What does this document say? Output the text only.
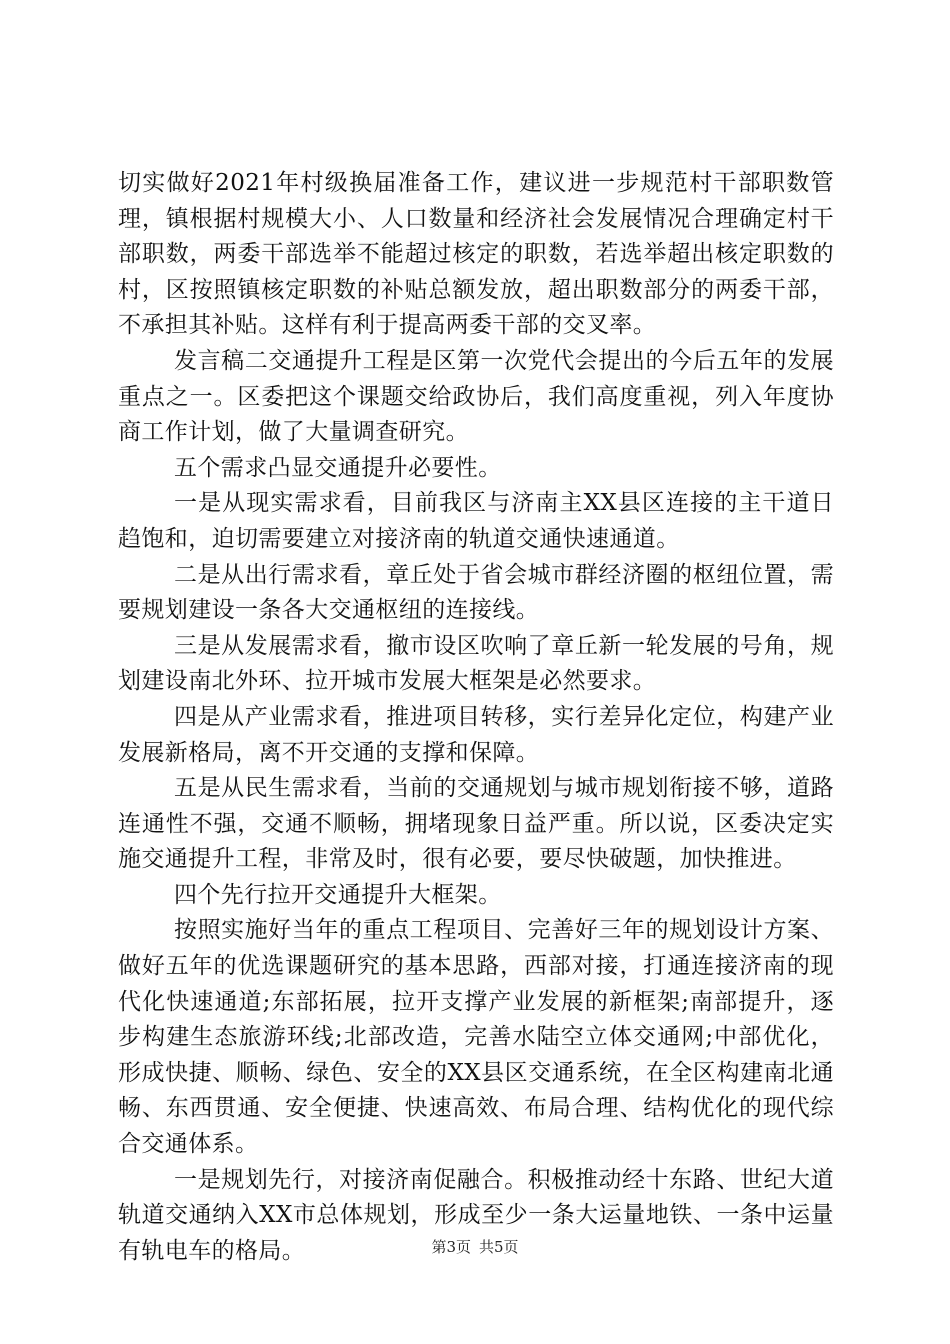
切实做好2021年村级换届准备工作，建议进一步规范村干部职数管理，镇根据村规模大小、人口数量和经济社会发展情况合理确定村干部职数，两委干部选举不能超过核定的职数，若选举超出核定职数的村，区按照镇核定职数的补贴总额发放，超出职数部分的两委干部，不承担其补贴。这样有利于提高两委干部的交叉率。

发言稿二交通提升工程是区第一次党代会提出的今后五年的发展重点之一。区委把这个课题交给政协后，我们高度重视，列入年度协商工作计划，做了大量调查研究。

五个需求凸显交通提升必要性。

一是从现实需求看，目前我区与济南主XX县区连接的主干道日趋饱和，迫切需要建立对接济南的轨道交通快速通道。

二是从出行需求看，章丘处于省会城市群经济圈的枢纽位置，需要规划建设一条各大交通枢纽的连接线。

三是从发展需求看，撤市设区吹响了章丘新一轮发展的号角，规划建设南北外环、拉开城市发展大框架是必然要求。

四是从产业需求看，推进项目转移，实行差异化定位，构建产业发展新格局，离不开交通的支撑和保障。

五是从民生需求看，当前的交通规划与城市规划衔接不够，道路连通性不强，交通不顺畅，拥堵现象日益严重。所以说，区委决定实施交通提升工程，非常及时，很有必要，要尽快破题，加快推进。

四个先行拉开交通提升大框架。

按照实施好当年的重点工程项目、完善好三年的规划设计方案、做好五年的优选课题研究的基本思路，西部对接，打通连接济南的现代化快速通道;东部拓展，拉开支撑产业发展的新框架;南部提升，逐步构建生态旅游环线;北部改造，完善水陆空立体交通网;中部优化，形成快捷、顺畅、绿色、安全的XX县区交通系统，在全区构建南北通畅、东西贯通、安全便捷、快速高效、布局合理、结构优化的现代综合交通体系。

一是规划先行，对接济南促融合。积极推动经十东路、世纪大道轨道交通纳入XX市总体规划，形成至少一条大运量地铁、一条中运量有轨电车的格局。	第3页 共5页
